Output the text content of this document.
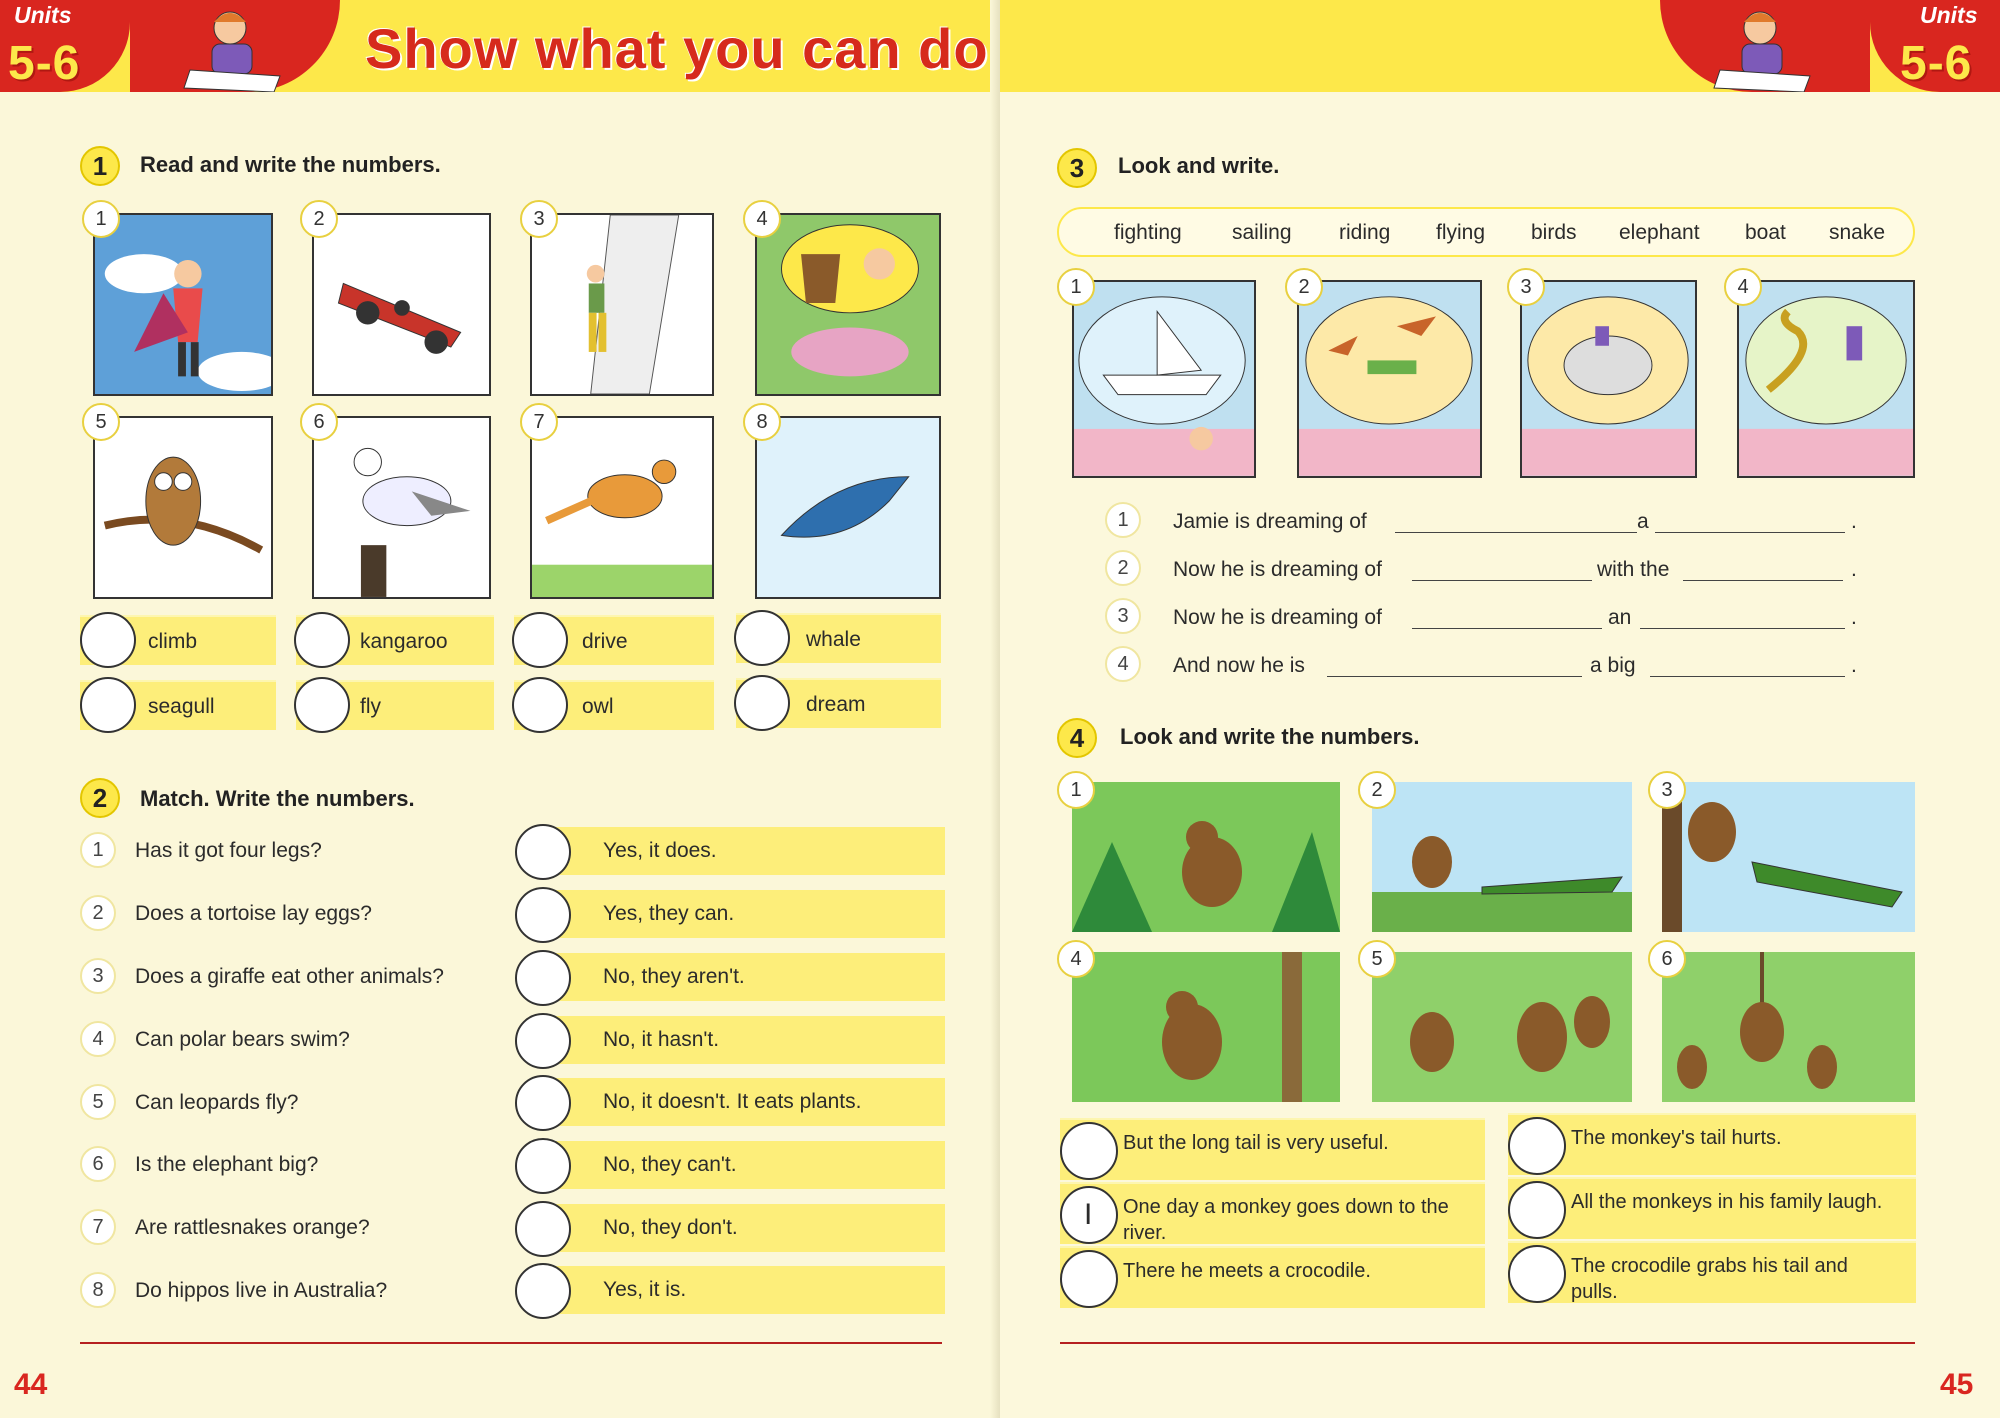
Units
5-6	Show what you can do
1	Read and write the numbers.
1	2	3	4
5	6	7	8
climb	kangaroo	drive	whale
seagull	fly	owl	dream
2	Match. Write the numbers.
1	Has it got four legs?
2	Does a tortoise lay eggs?
3	Does a giraffe eat other animals?
4	Can polar bears swim?
5	Can leopards fly?
6	Is the elephant big?
7	Are rattlesnakes orange?
8	Do hippos live in Australia?
Yes, it does.
Yes, they can.
No, they aren't.
No, it hasn't.
No, it doesn't. It eats plants.
No, they can't.
No, they don't.
Yes, it is.
44
Units
5-6
3	Look and write.
fighting sailing riding flying birds elephant boat snake
1	2	3	4
1	Jamie is dreaming of	a	.
2	Now he is dreaming of	with the	.
3	Now he is dreaming of	an	.
4	And now he is	a big	.
4	Look and write the numbers.
1	2	3
4	5	6
But the long tail is very useful.	The monkey's tail hurts.
I One day a monkey goes down to the river.
All the monkeys in his family laugh.
There he meets a crocodile.	The crocodile grabs his tail and pulls.
45
